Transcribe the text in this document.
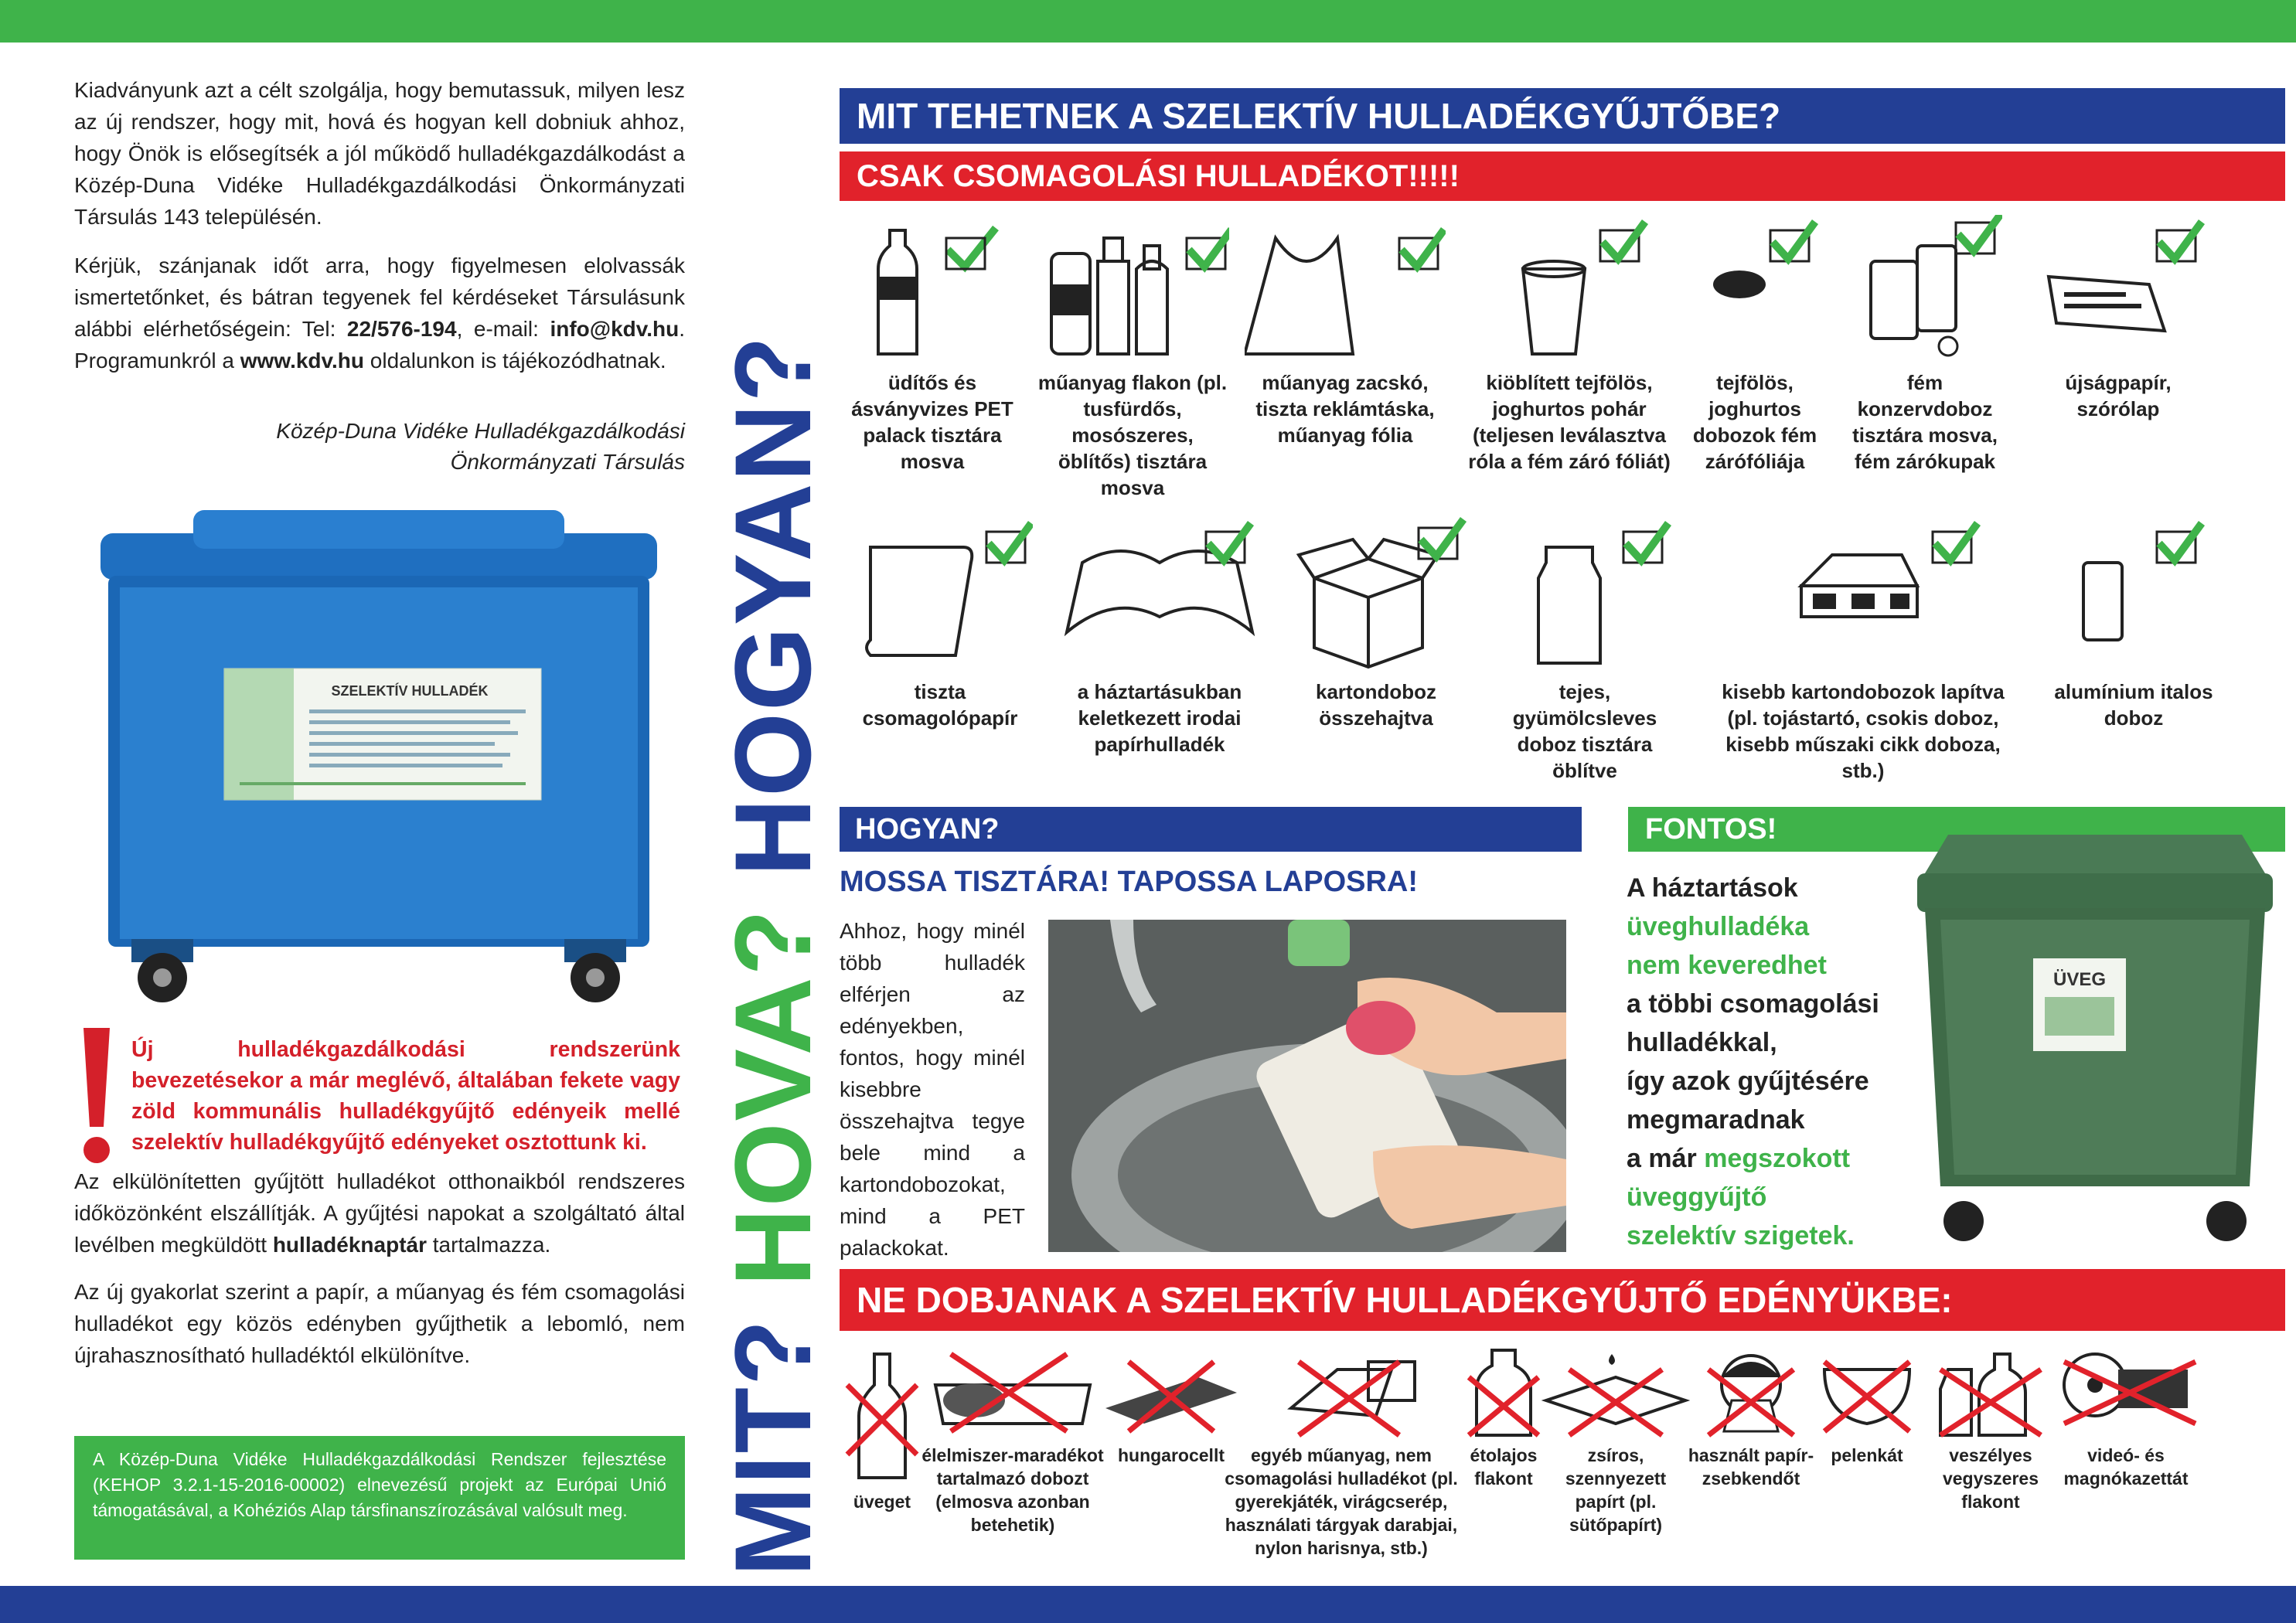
Kiadványunk azt a célt szolgálja, hogy bemutassuk, milyen lesz az új rendszer, hogy mit, hová és hogyan kell dobniuk ahhoz, hogy Önök is elősegítsék a jól működő hulladékgazdálkodást a Közép-Duna Vidéke Hulladékgazdálkodási Önkormányzati Társulás 143 településén.

Kérjük, szánjanak időt arra, hogy figyelmesen elolvassák ismertetőnket, és bátran tegyenek fel kérdéseket Társulásunk alábbi elérhetőségein: Tel: 22/576-194, e-mail: info@kdv.hu. Programunkról a www.kdv.hu oldalunkon is tájékozódhatnak.

Közép-Duna Vidéke Hulladékgazdálkodási
Önkormányzati Társulás
SZELEKTÍV HULLADÉK
Új hulladékgazdálkodási rendszerünk bevezetésekor a már meglévő, általában fekete vagy zöld kommunális hulladékgyűjtő edényeik mellé szelektív hulladékgyűjtő edényeket osztottunk ki.

Az elkülönítetten gyűjtött hulladékot otthonaikból rendszeres időközönként elszállítják. A gyűjtési napokat a szolgáltató által levélben megküldött hulladéknaptár tartalmazza.

Az új gyakorlat szerint a papír, a műanyag és fém csomagolási hulladékot egy közös edényben gyűjthetik a lebomló, nem újrahasznosítható hulladéktól elkülönítve.

A Közép-Duna Vidéke Hulladékgazdálkodási Rendszer fejlesztése (KEHOP 3.2.1-15-2016-00002) elnevezésű projekt az Európai Unió támogatásával, a Kohéziós Alap társfinanszírozásával valósult meg. MIT? HOVA? HOGYAN?
MIT TEHETNEK A SZELEKTÍV HULLADÉKGYŰJTŐBE?
CSAK CSOMAGOLÁSI HULLADÉKOT!!!!!
üdítős és ásványvizes PET palack tisztára mosva
műanyag flakon (pl. tusfürdős, mosószeres, öblítős) tisztára mosva
műanyag zacskó, tiszta reklámtáska, műanyag fólia
kiöblített tejfölös, joghurtos pohár (teljesen leválasztva róla a fém záró fóliát)
tejfölös, joghurtos dobozok fém zárófóliája
fém konzervdoboz tisztára mosva, fém zárókupak
újságpapír, szórólap
tiszta csomagolópapír
a háztartásukban keletkezett irodai papírhulladék
kartondoboz összehajtva
tejes, gyümölcsleves doboz tisztára öblítve
kisebb kartondobozok lapítva (pl. tojástartó, csokis doboz, kisebb műszaki cikk doboza, stb.)
alumínium italos doboz
HOGYAN?
MOSSA TISZTÁRA! TAPOSSA LAPOSRA!
Ahhoz, hogy minél több hulladék elférjen az edényekben, fontos, hogy minél kisebbre összehajtva tegye bele mind a kartondobozokat, mind a PET palackokat.
FONTOS!
A háztartások
üveghulladéka
nem keveredhet
a többi csomagolási
hulladékkal,
így azok gyűjtésére
megmaradnak
a már megszokott
üveggyűjtő
szelektív szigetek.
ÜVEG
NE DOBJANAK A SZELEKTÍV HULLADÉKGYŰJTŐ EDÉNYÜKBE:
üveget
élelmiszer-maradékot tartalmazó dobozt (elmosva azonban betehetik)
hungarocellt	egyéb műanyag, nem csomagolási hulladékot (pl. gyerekjáték, virágcserép, használati tárgyak darabjai, nylon harisnya, stb.)
étolajos flakont
zsíros, szennyezett papírt (pl. sütőpapírt)
használt papír-zsebkendőt
pelenkát	veszélyes vegyszeres flakont
videó- és magnókazettát
